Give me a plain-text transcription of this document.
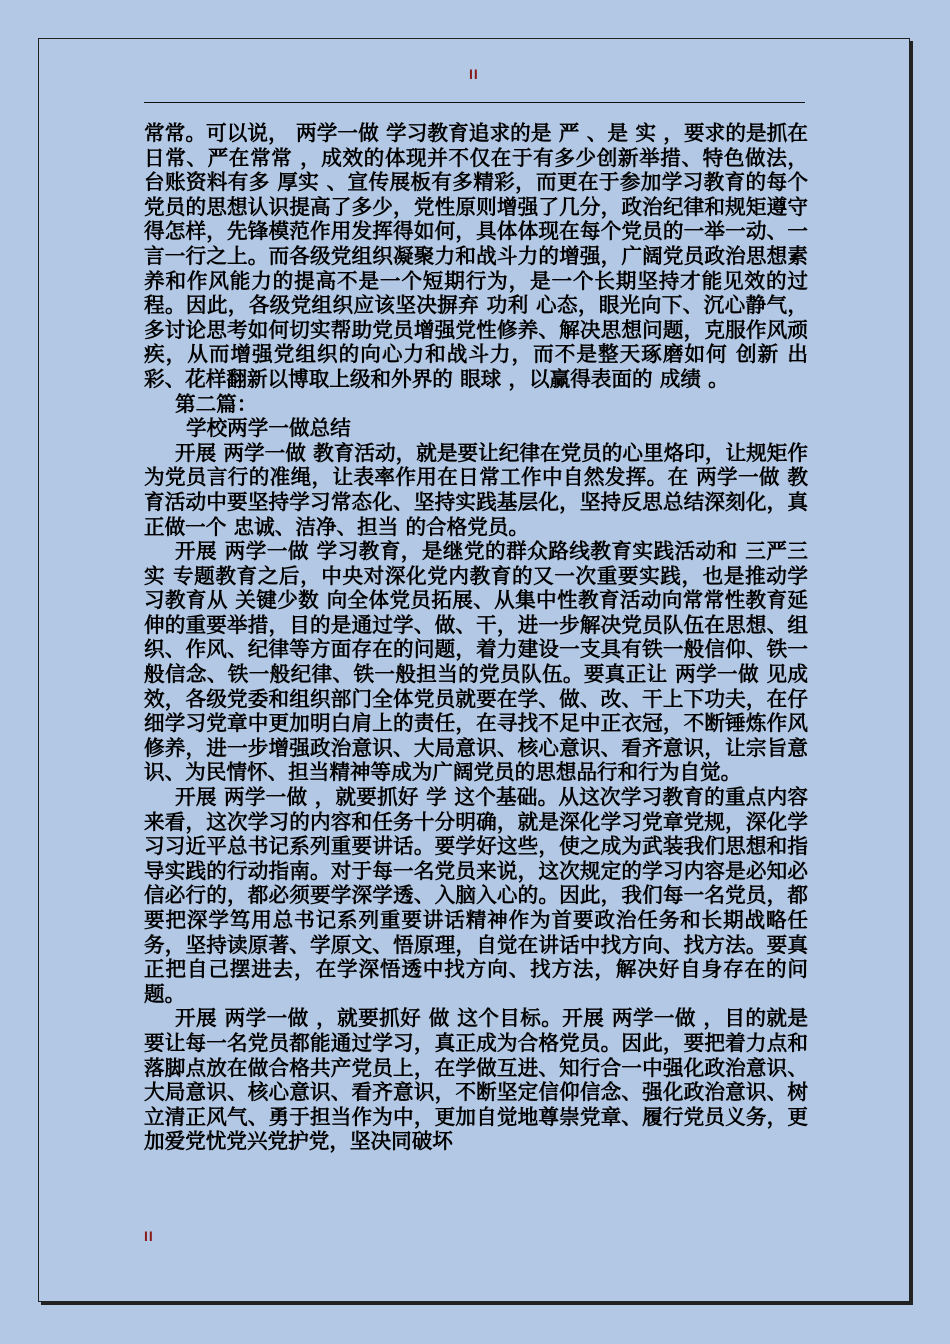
II

常常。可以说， 两学一做 学习教育追求的是 严 、是 实 ，要求的是抓在日常、严在常常 ，成效的体现并不仅在于有多少创新举措、特色做法，台账资料有多 厚实 、宣传展板有多精彩，而更在于参加学习教育的每个党员的思想认识提高了多少，党性原则增强了几分，政治纪律和规矩遵守得怎样，先锋模范作用发挥得如何，具体体现在每个党员的一举一动、一言一行之上。而各级党组织凝聚力和战斗力的增强，广阔党员政治思想素养和作风能力的提高不是一个短期行为，是一个长期坚持才能见效的过程。因此，各级党组织应该坚决摒弃 功利 心态，眼光向下、沉心静气，多讨论思考如何切实帮助党员增强党性修养、解决思想问题，克服作风顽疾，从而增强党组织的向心力和战斗力，而不是整天琢磨如何 创新 出彩、花样翻新以博取上级和外界的 眼球 ，以赢得表面的 成绩 。

第二篇：

学校两学一做总结

开展 两学一做 教育活动，就是要让纪律在党员的心里烙印，让规矩作为党员言行的准绳，让表率作用在日常工作中自然发挥。在 两学一做 教育活动中要坚持学习常态化、坚持实践基层化，坚持反思总结深刻化，真正做一个 忠诚、洁净、担当 的合格党员。

开展 两学一做 学习教育，是继党的群众路线教育实践活动和 三严三实 专题教育之后，中央对深化党内教育的又一次重要实践，也是推动学习教育从 关键少数 向全体党员拓展、从集中性教育活动向常常性教育延伸的重要举措，目的是通过学、做、干，进一步解决党员队伍在思想、组织、作风、纪律等方面存在的问题，着力建设一支具有铁一般信仰、铁一般信念、铁一般纪律、铁一般担当的党员队伍。要真正让 两学一做 见成效，各级党委和组织部门全体党员就要在学、做、改、干上下功夫，在仔细学习党章中更加明白肩上的责任，在寻找不足中正衣冠，不断锤炼作风修养，进一步增强政治意识、大局意识、核心意识、看齐意识，让宗旨意识、为民情怀、担当精神等成为广阔党员的思想品行和行为自觉。

开展 两学一做 ，就要抓好 学 这个基础。从这次学习教育的重点内容来看，这次学习的内容和任务十分明确，就是深化学习党章党规，深化学习习近平总书记系列重要讲话。要学好这些，使之成为武装我们思想和指导实践的行动指南。对于每一名党员来说，这次规定的学习内容是必知必信必行的，都必须要学深学透、入脑入心的。因此，我们每一名党员，都要把深学笃用总书记系列重要讲话精神作为首要政治任务和长期战略任务，坚持读原著、学原文、悟原理，自觉在讲话中找方向、找方法。要真正把自己摆进去，在学深悟透中找方向、找方法，解决好自身存在的问题。

开展 两学一做 ，就要抓好 做 这个目标。开展 两学一做 ，目的就是要让每一名党员都能通过学习，真正成为合格党员。因此，要把着力点和落脚点放在做合格共产党员上，在学做互进、知行合一中强化政治意识、大局意识、核心意识、看齐意识，不断坚定信仰信念、强化政治意识、树立清正风气、勇于担当作为中，更加自觉地尊崇党章、履行党员义务，更加爱党忧党兴党护党，坚决同破坏

II
